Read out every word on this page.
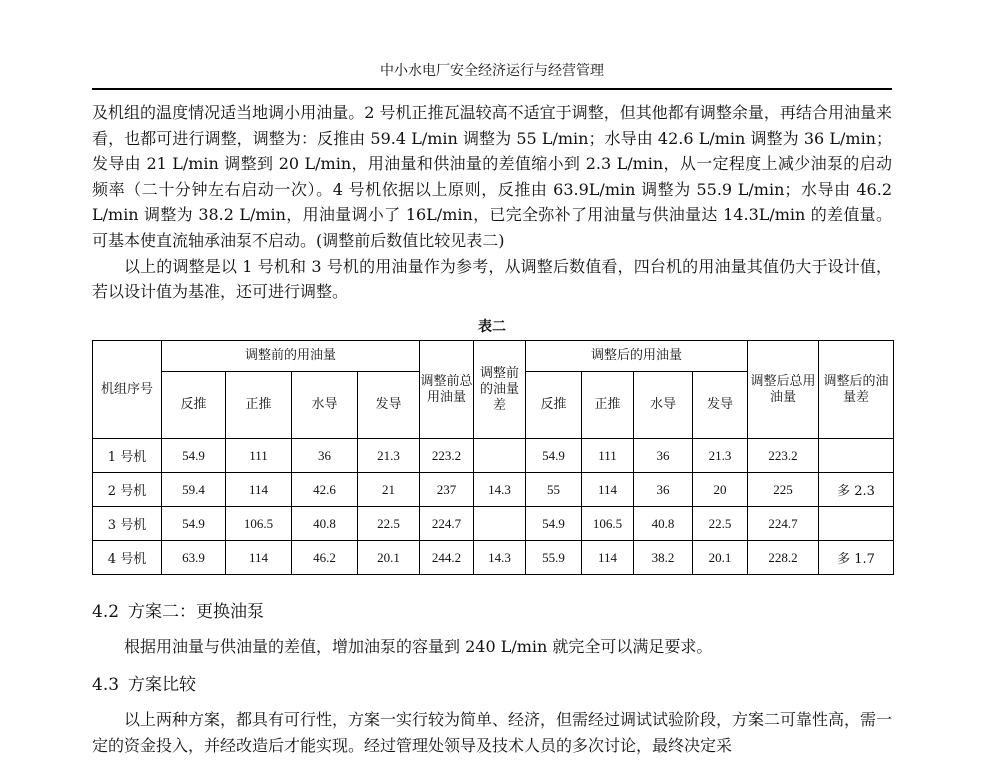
中小水电厂安全经济运行与经营管理

及机组的温度情况适当地调小用油量。2 号机正推瓦温较高不适宜于调整，但其他都有调整余量，再结合用油量来看，也都可进行调整，调整为：反推由 59.4 L/min 调整为 55 L/min；水导由 42.6 L/min 调整为 36 L/min；发导由 21 L/min 调整到 20 L/min，用油量和供油量的差值缩小到 2.3 L/min，从一定程度上减少油泵的启动频率（二十分钟左右启动一次）。4 号机依据以上原则，反推由 63.9L/min 调整为 55.9 L/min；水导由 46.2 L/min 调整为 38.2 L/min，用油量调小了 16L/min，已完全弥补了用油量与供油量达 14.3L/min 的差值量。可基本使直流轴承油泵不启动。(调整前后数值比较见表二)

以上的调整是以 1 号机和 3 号机的用油量作为参考，从调整后数值看，四台机的用油量其值仍大于设计值，若以设计值为基准，还可进行调整。

表二
机组序号	调整前的用油量				调整前总用油量	调整前的油量差	调整后的用油量				调整后总用油量	调整后的油量差
	反推	正推	水导	发导			反推	正推	水导	发导		
1 号机	54.9	111	36	21.3	223.2		54.9	111	36	21.3	223.2	
2 号机	59.4	114	42.6	21	237	14.3	55	114	36	20	225	多 2.3
3 号机	54.9	106.5	40.8	22.5	224.7		54.9	106.5	40.8	22.5	224.7	
4 号机	63.9	114	46.2	20.1	244.2	14.3	55.9	114	38.2	20.1	228.2	多 1.7
4.2 方案二：更换油泵

根据用油量与供油量的差值，增加油泵的容量到 240 L/min 就完全可以满足要求。

4.3 方案比较

以上两种方案，都具有可行性，方案一实行较为简单、经济，但需经过调试试验阶段，方案二可靠性高，需一定的资金投入，并经改造后才能实现。经过管理处领导及技术人员的多次讨论，最终决定采
